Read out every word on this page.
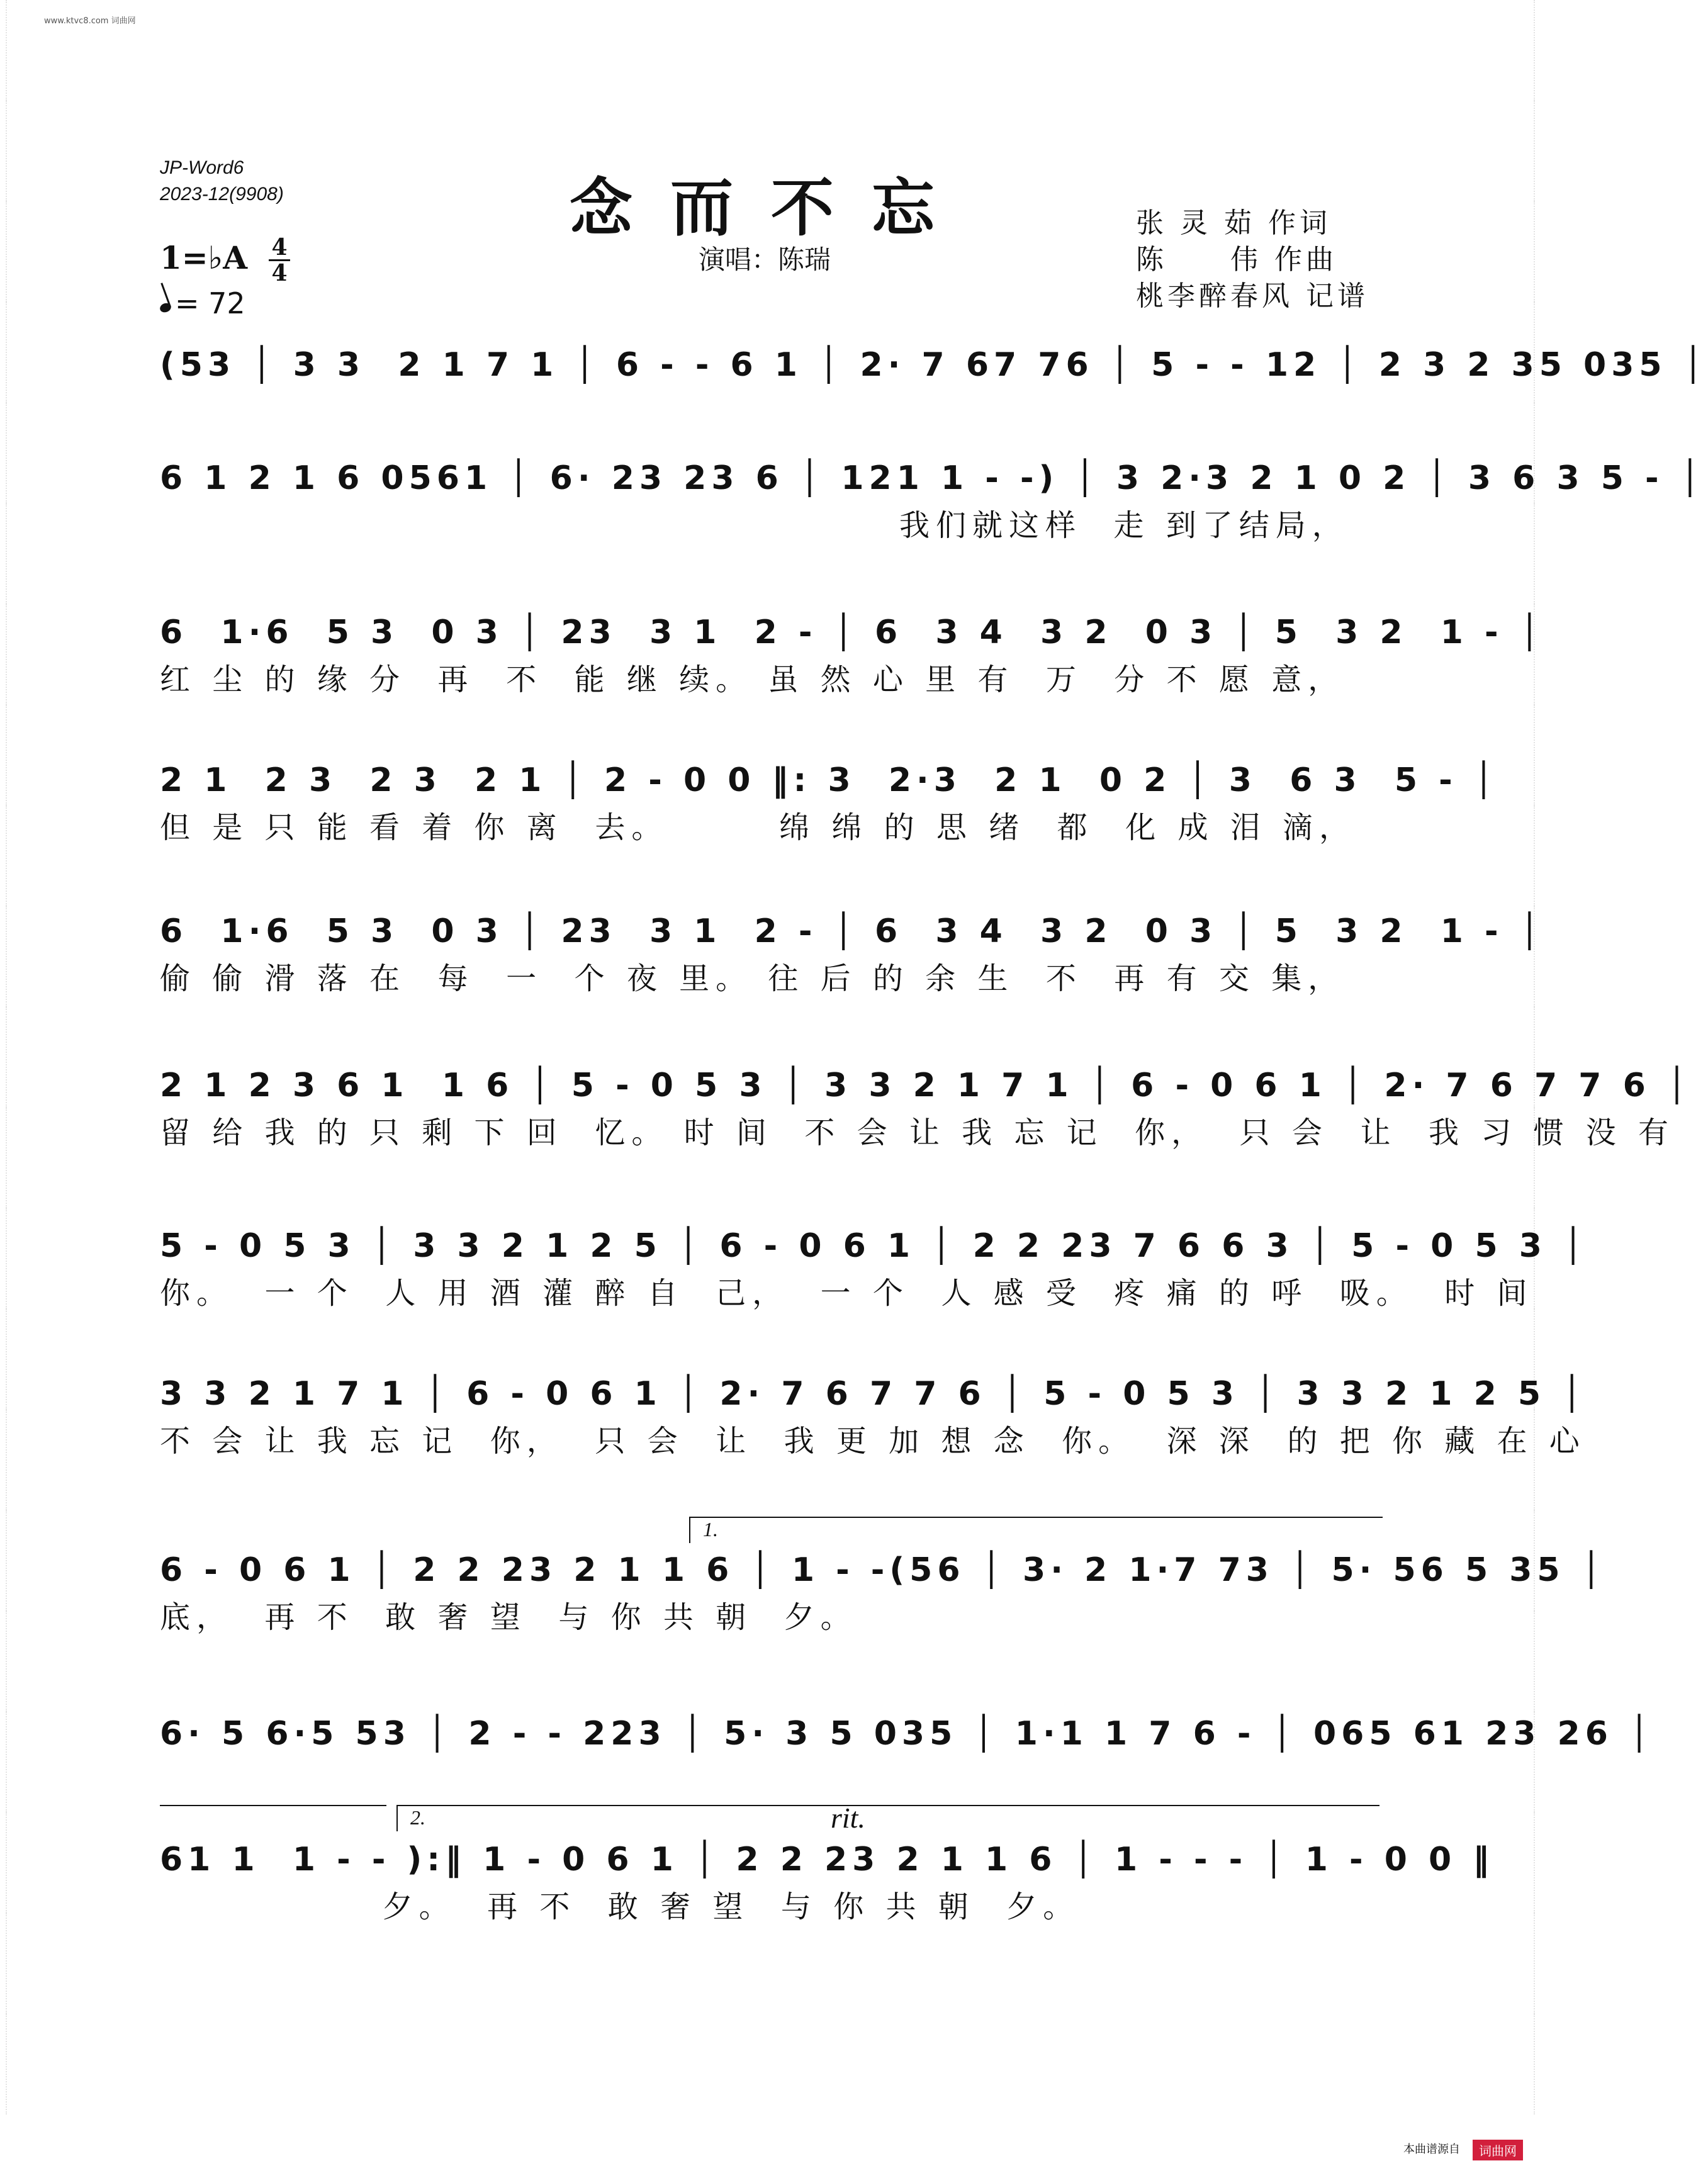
www.ktvc8.com 词曲网
JP-Word6
2023-12(9908)	念而不忘
演唱：陈瑞
张 灵 茹 作词
陈　　伟 作曲
桃李醉春风 记谱
1=♭A 4
4
= 72
(53 │ 3 3  2 1 7 1 │ 6 - - 6 1 │ 2· 7 67 76 │ 5 - - 12 │ 2 3 2 35 035 │
6 1 2 1 6 0561 │ 6· 23 23 6 │ 121 1 - -) │ 3 2·3 2 1 0 2 │ 3 6 3 5 - │
我们就这样  走 到了结局，
6  1·6  5 3  0 3 │ 23  3 1  2 - │ 6  3 4  3 2  0 3 │ 5  3 2  1 - │
红 尘 的 缘 分  再  不  能 继 续。 虽 然 心 里 有  万  分 不 愿 意，
2 1  2 3  2 3  2 1 │ 2 - 0 0 ‖: 3  2·3  2 1  0 2 │ 3  6 3  5 - │
但 是 只 能 看 着 你 离  去。       绵 绵 的 思 绪  都  化 成 泪 滴，
6  1·6  5 3  0 3 │ 23  3 1  2 - │ 6  3 4  3 2  0 3 │ 5  3 2  1 - │
偷 偷 滑 落 在  每  一  个 夜 里。 往 后 的 余 生  不  再 有 交 集，
2 1 2 3 6 1  1 6 │ 5 - 0 5 3 │ 3 3 2 1 7 1 │ 6 - 0 6 1 │ 2· 7 6 7 7 6 │
留 给 我 的 只 剩 下 回  忆。 时 间  不 会 让 我 忘 记  你，  只 会  让  我 习 惯 没 有
5 - 0 5 3 │ 3 3 2 1 2 5 │ 6 - 0 6 1 │ 2 2 23 7 6 6 3 │ 5 - 0 5 3 │
你。  一 个  人 用 酒 灌 醉 自  己，  一 个  人 感 受  疼 痛 的 呼  吸。  时 间
3 3 2 1 7 1 │ 6 - 0 6 1 │ 2· 7 6 7 7 6 │ 5 - 0 5 3 │ 3 3 2 1 2 5 │
不 会 让 我 忘 记  你，  只 会  让  我 更 加 想 念  你。  深 深  的 把 你 藏 在 心
6 - 0 6 1 │ 2 2 23 2 1 1 6 │ 1 - -(56 │ 3· 2 1·7 73 │ 5· 56 5 35 │
底，  再 不  敢 奢 望  与 你 共 朝  夕。
1.
6· 5 6·5 53 │ 2 - - 223 │ 5· 3 5 035 │ 1·1 1 7 6 - │ 065 61 23 26 │
2.	rit.
61 1  1 - - ):‖ 1 - 0 6 1 │ 2 2 23 2 1 1 6 │ 1 - - - │ 1 - 0 0 ‖
夕。  再 不  敢 奢 望  与 你 共 朝  夕。
本曲谱源自	词曲网
